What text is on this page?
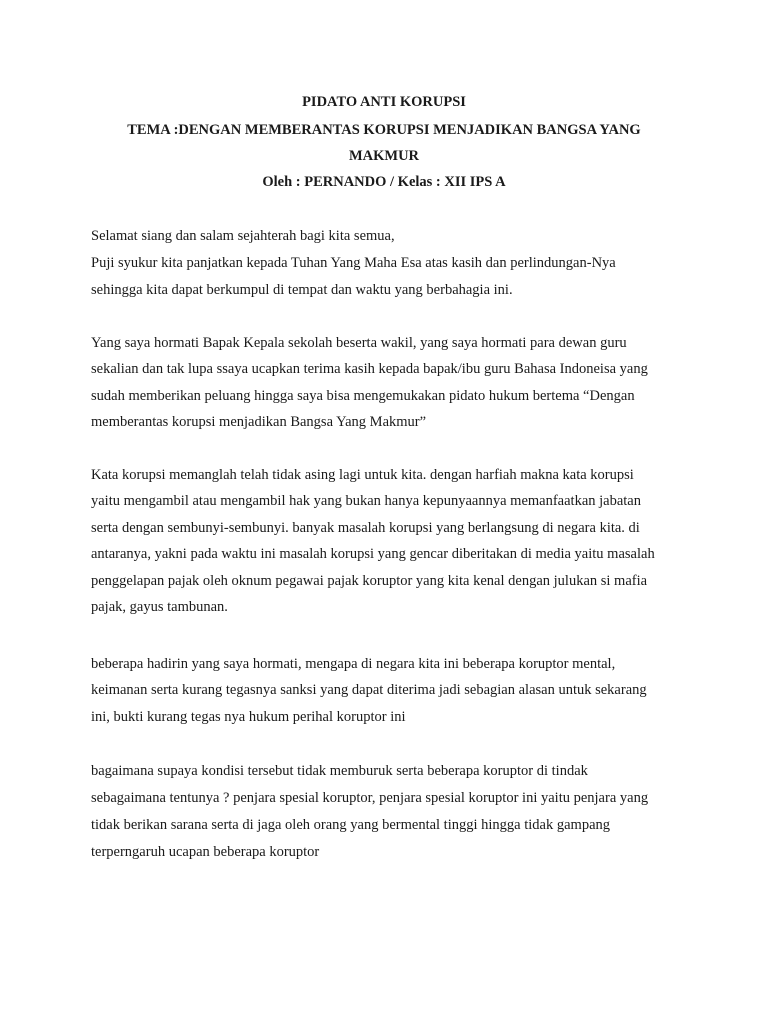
PIDATO ANTI KORUPSI
TEMA :DENGAN MEMBERANTAS KORUPSI MENJADIKAN BANGSA YANG
MAKMUR
Oleh : PERNANDO / Kelas : XII IPS A
Selamat siang dan salam sejahterah bagi kita semua,
Puji syukur kita panjatkan kepada Tuhan Yang Maha Esa atas kasih dan perlindungan-Nya
sehingga kita dapat berkumpul di tempat dan waktu yang berbahagia ini.
Yang saya hormati Bapak Kepala sekolah beserta wakil, yang saya hormati para dewan guru
sekalian dan tak lupa ssaya ucapkan terima kasih kepada bapak/ibu guru Bahasa Indoneisa yang
sudah memberikan peluang hingga saya bisa mengemukakan pidato hukum bertema “Dengan
memberantas korupsi menjadikan Bangsa Yang Makmur”
Kata korupsi memanglah telah tidak asing lagi untuk kita. dengan harfiah makna kata korupsi
yaitu mengambil atau mengambil hak yang bukan hanya kepunyaannya memanfaatkan jabatan
serta dengan sembunyi-sembunyi. banyak masalah korupsi yang berlangsung di negara kita. di
antaranya, yakni pada waktu ini masalah korupsi yang gencar diberitakan di media yaitu masalah
penggelapan pajak oleh oknum pegawai pajak koruptor yang kita kenal dengan julukan si mafia
pajak, gayus tambunan.
beberapa hadirin yang saya hormati, mengapa di negara kita ini beberapa koruptor mental,
keimanan serta kurang tegasnya sanksi yang dapat diterima jadi sebagian alasan untuk sekarang
ini, bukti kurang tegas nya hukum perihal koruptor ini
bagaimana supaya kondisi tersebut tidak memburuk serta beberapa koruptor di tindak
sebagaimana tentunya ? penjara spesial koruptor, penjara spesial koruptor ini yaitu penjara yang
tidak berikan sarana serta di jaga oleh orang yang bermental tinggi hingga tidak gampang
terperngaruh ucapan beberapa koruptor
